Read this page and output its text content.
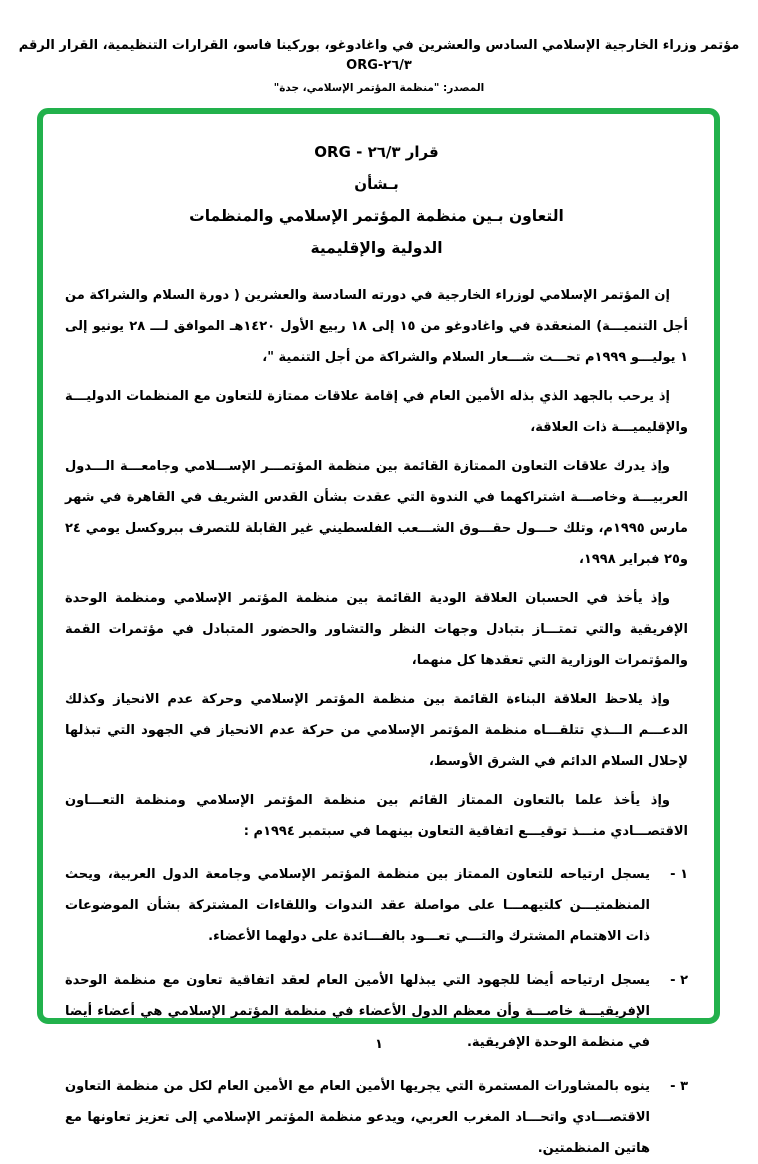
مؤتمر وزراء الخارجية الإسلامي السادس والعشرين في واغادوغو، بوركينا فاسو، القرارات التنظيمية، القرار الرقم ٢٦/٣-ORG
المصدر: "منظمة المؤتمر الإسلامي، جدة"
قرار ٢٦/٣ - ORG
بـشأن
التعاون بـين منظمة المؤتمر الإسلامي والمنظمات
الدولية والإقليمية

إن المؤتمر الإسلامي لوزراء الخارجية في دورته السادسة والعشرين ( دورة السلام والشراكة من أجل التنميـــة) المنعقدة في واغادوغو من ١٥ إلى ١٨ ربيع الأول ١٤٢٠هـ الموافق لـــ ٢٨ يونيو إلى ١ يوليـــو ١٩٩٩م تحـــت شـــعار السلام والشراكة من أجل التنمية "،

إذ يرحب بالجهد الذي بذله الأمين العام في إقامة علاقات ممتازة للتعاون مع المنظمات الدوليـــة والإقليميـــة ذات العلاقة،

وإذ يدرك علاقات التعاون الممتازة القائمة بين منظمة المؤتمـــر الإســـلامي وجامعـــة الـــدول العربيـــة وخاصـــة اشتراكهما في الندوة التي عقدت بشأن القدس الشريف في القاهرة في شهر مارس ١٩٩٥م، وتلك حـــول حقـــوق الشـــعب الفلسطيني غير القابلة للتصرف ببروكسل يومي ٢٤ و٢٥ فبراير ١٩٩٨،

وإذ يأخذ في الحسبان العلاقة الودية القائمة بين منظمة المؤتمر الإسلامي ومنظمة الوحدة الإفريقية والتي تمتـــاز بتبادل وجهات النظر والتشاور والحضور المتبادل في مؤتمرات القمة والمؤتمرات الوزارية التي تعقدها كل منهما،

وإذ يلاحظ العلاقة البناءة القائمة بين منظمة المؤتمر الإسلامي وحركة عدم الانحياز وكذلك الدعـــم الـــذي تتلقـــاه منظمة المؤتمر الإسلامي من حركة عدم الانحياز في الجهود التي تبذلها لإحلال السلام الدائم في الشرق الأوسط،

وإذ يأخذ علما بالتعاون الممتاز القائم بين منظمة المؤتمر الإسلامي ومنظمة التعـــاون الاقتصـــادي منـــذ توقيـــع اتفاقية التعاون بينهما في سبتمبر ١٩٩٤م :

١ -
يسجل ارتياحه للتعاون الممتاز بين منظمة المؤتمر الإسلامي وجامعة الدول العربية، ويحث المنظمتيـــن كلتيهمـــا على مواصلة عقد الندوات واللقاءات المشتركة بشأن الموضوعات ذات الاهتمام المشترك والتـــي تعـــود بالفـــائدة على دولهما الأعضاء.
٢ -
يسجل ارتياحه أيضا للجهود التي يبذلها الأمين العام لعقد اتفاقية تعاون مع منظمة الوحدة الإفريقيـــة خاصـــة وأن معظم الدول الأعضاء في منظمة المؤتمر الإسلامي هي أعضاء أيضا في منظمة الوحدة الإفريقية.
٣ -
ينوه بالمشاورات المستمرة التي يجريها الأمين العام مع الأمين العام لكل من منظمة التعاون الاقتصـــادي واتحـــاد المغرب العربي، ويدعو منظمة المؤتمر الإسلامي إلى تعزيز تعاونها مع هاتين المنظمتين.
١
